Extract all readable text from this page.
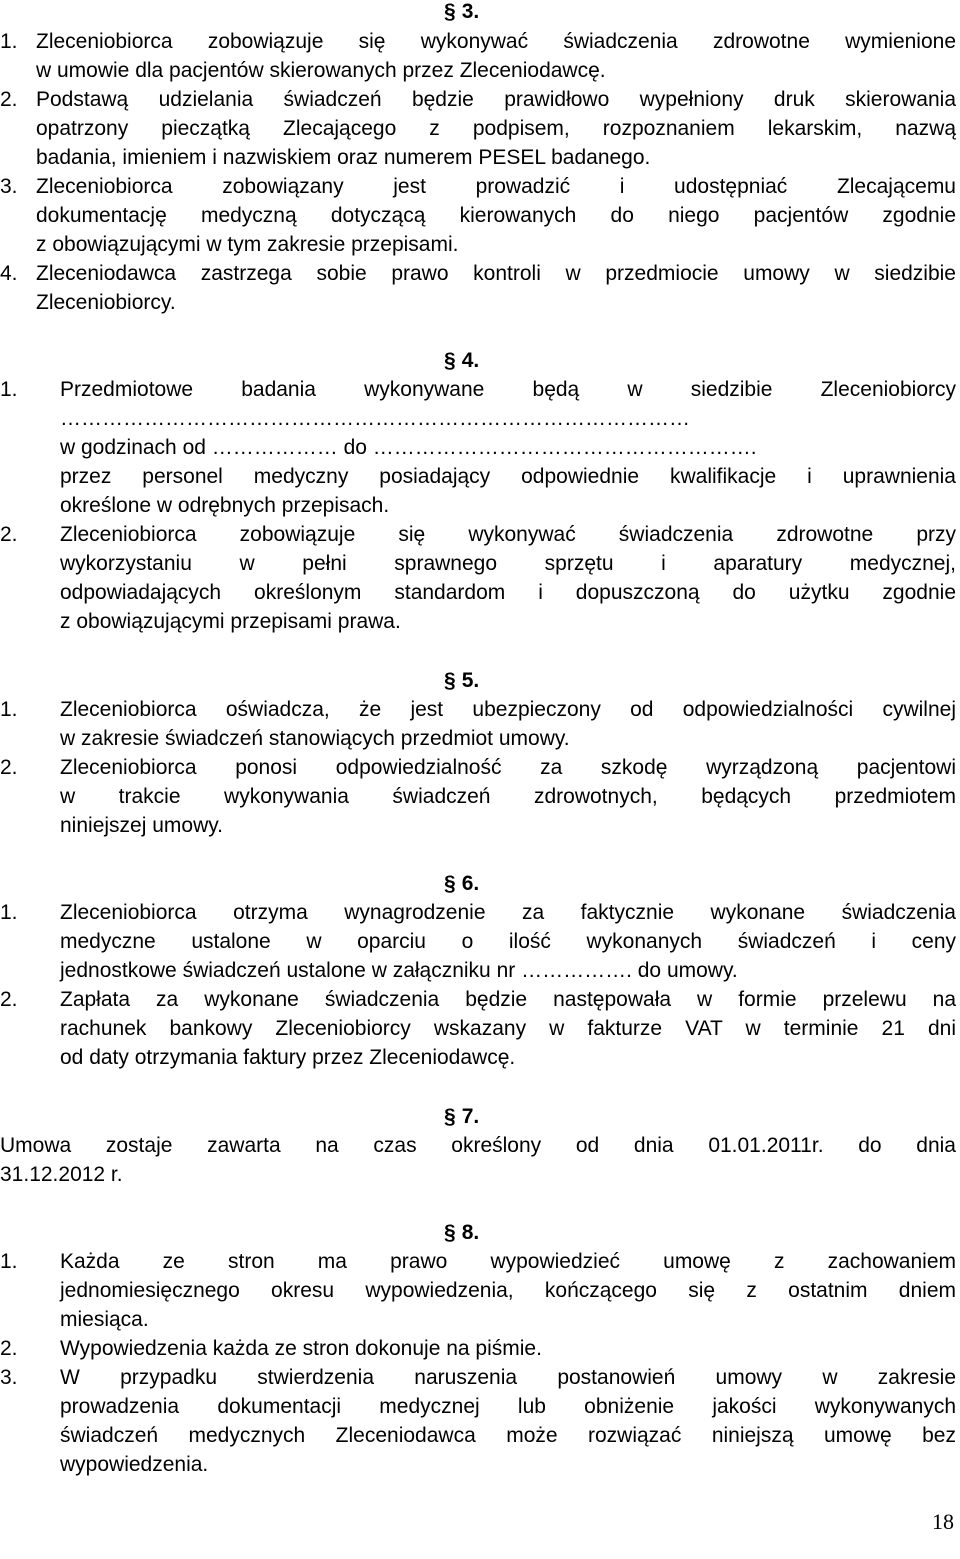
§ 3.
1. Zleceniobiorca zobowiązuje się wykonywać świadczenia zdrowotne wymienione
w umowie dla pacjentów skierowanych przez Zleceniodawcę.
2. Podstawą udzielania świadczeń będzie prawidłowo wypełniony druk skierowania
opatrzony pieczątką Zlecającego z podpisem, rozpoznaniem lekarskim, nazwą
badania, imieniem i nazwiskiem oraz numerem PESEL badanego.
3. Zleceniobiorca zobowiązany jest prowadzić i udostępniać Zlecającemu
dokumentację medyczną dotyczącą kierowanych do niego pacjentów zgodnie
z obowiązującymi w tym zakresie przepisami.
4. Zleceniodawca zastrzega sobie prawo kontroli w przedmiocie umowy w siedzibie
Zleceniobiorcy.
§ 4.
1. Przedmiotowe badania wykonywane będą w siedzibie Zleceniobiorcy
………………………………………………………………………………
w godzinach od ……………… do ……………………………………………….
przez personel medyczny posiadający odpowiednie kwalifikacje i uprawnienia
określone w odrębnych przepisach.
2. Zleceniobiorca zobowiązuje się wykonywać świadczenia zdrowotne przy
wykorzystaniu w pełni sprawnego sprzętu i aparatury medycznej,
odpowiadających określonym standardom i dopuszczoną do użytku zgodnie
z obowiązującymi przepisami prawa.
§ 5.
1. Zleceniobiorca oświadcza, że jest ubezpieczony od odpowiedzialności cywilnej
w zakresie świadczeń stanowiących przedmiot umowy.
2. Zleceniobiorca ponosi odpowiedzialność za szkodę wyrządzoną pacjentowi
w trakcie wykonywania świadczeń zdrowotnych, będących przedmiotem
niniejszej umowy.
§ 6.
1. Zleceniobiorca otrzyma wynagrodzenie za faktycznie wykonane świadczenia
medyczne ustalone w oparciu o ilość wykonanych świadczeń i ceny
jednostkowe świadczeń ustalone w załączniku nr ……………. do umowy.
2. Zapłata za wykonane świadczenia będzie następowała w formie przelewu na
rachunek bankowy Zleceniobiorcy wskazany w fakturze VAT w terminie 21 dni
od daty otrzymania faktury przez Zleceniodawcę.
§ 7.
Umowa zostaje zawarta na czas określony od dnia 01.01.2011r. do dnia
31.12.2012 r.
§ 8.
1. Każda ze stron ma prawo wypowiedzieć umowę z zachowaniem
jednomiesięcznego okresu wypowiedzenia, kończącego się z ostatnim dniem
miesiąca.
2. Wypowiedzenia każda ze stron dokonuje na piśmie.
3. W przypadku stwierdzenia naruszenia postanowień umowy w zakresie
prowadzenia dokumentacji medycznej lub obniżenie jakości wykonywanych
świadczeń medycznych Zleceniodawca może rozwiązać niniejszą umowę bez
wypowiedzenia.
18
